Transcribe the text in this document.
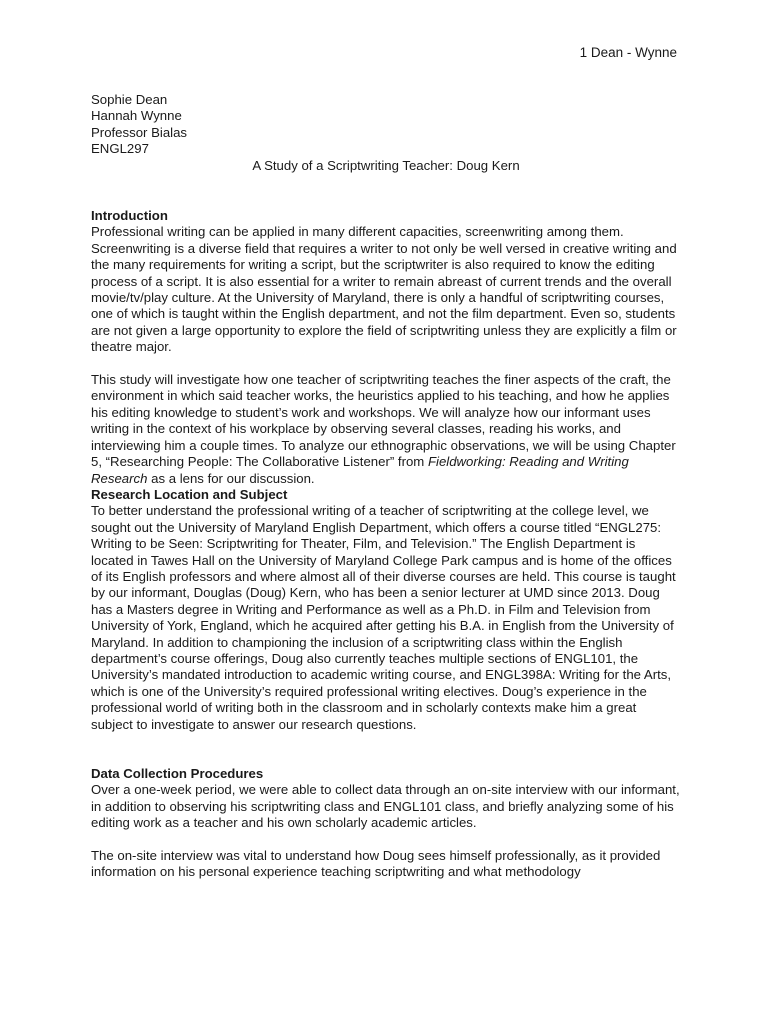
1 Dean - Wynne
Sophie Dean
Hannah Wynne
Professor Bialas
ENGL297

A Study of a Scriptwriting Teacher: Doug Kern

Introduction

Professional writing can be applied in many different capacities, screenwriting among them. Screenwriting is a diverse field that requires a writer to not only be well versed in creative writing and the many requirements for writing a script, but the scriptwriter is also required to know the editing process of a script. It is also essential for a writer to remain abreast of current trends and the overall movie/tv/play culture. At the University of Maryland, there is only a handful of scriptwriting courses, one of which is taught within the English department, and not the film department. Even so, students are not given a large opportunity to explore the field of scriptwriting unless they are explicitly a film or theatre major.

This study will investigate how one teacher of scriptwriting teaches the finer aspects of the craft, the environment in which said teacher works, the heuristics applied to his teaching, and how he applies his editing knowledge to student’s work and workshops. We will analyze how our informant uses writing in the context of his workplace by observing several classes, reading his works, and interviewing him a couple times. To analyze our ethnographic observations, we will be using Chapter 5, “Researching People: The Collaborative Listener” from Fieldworking: Reading and Writing Research as a lens for our discussion.

Research Location and Subject

To better understand the professional writing of a teacher of scriptwriting at the college level, we sought out the University of Maryland English Department, which offers a course titled “ENGL275: Writing to be Seen: Scriptwriting for Theater, Film, and Television.” The English Department is located in Tawes Hall on the University of Maryland College Park campus and is home of the offices of its English professors and where almost all of their diverse courses are held. This course is taught by our informant, Douglas (Doug) Kern, who has been a senior lecturer at UMD since 2013. Doug has a Masters degree in Writing and Performance as well as a Ph.D. in Film and Television from University of York, England, which he acquired after getting his B.A. in English from the University of Maryland. In addition to championing the inclusion of a scriptwriting class within the English department’s course offerings, Doug also currently teaches multiple sections of ENGL101, the University’s mandated introduction to academic writing course, and ENGL398A: Writing for the Arts, which is one of the University’s required professional writing electives. Doug’s experience in the professional world of writing both in the classroom and in scholarly contexts make him a great subject to investigate to answer our research questions.

Data Collection Procedures

Over a one-week period, we were able to collect data through an on-site interview with our informant, in addition to observing his scriptwriting class and ENGL101 class, and briefly analyzing some of his editing work as a teacher and his own scholarly academic articles.

The on-site interview was vital to understand how Doug sees himself professionally, as it provided information on his personal experience teaching scriptwriting and what methodology
